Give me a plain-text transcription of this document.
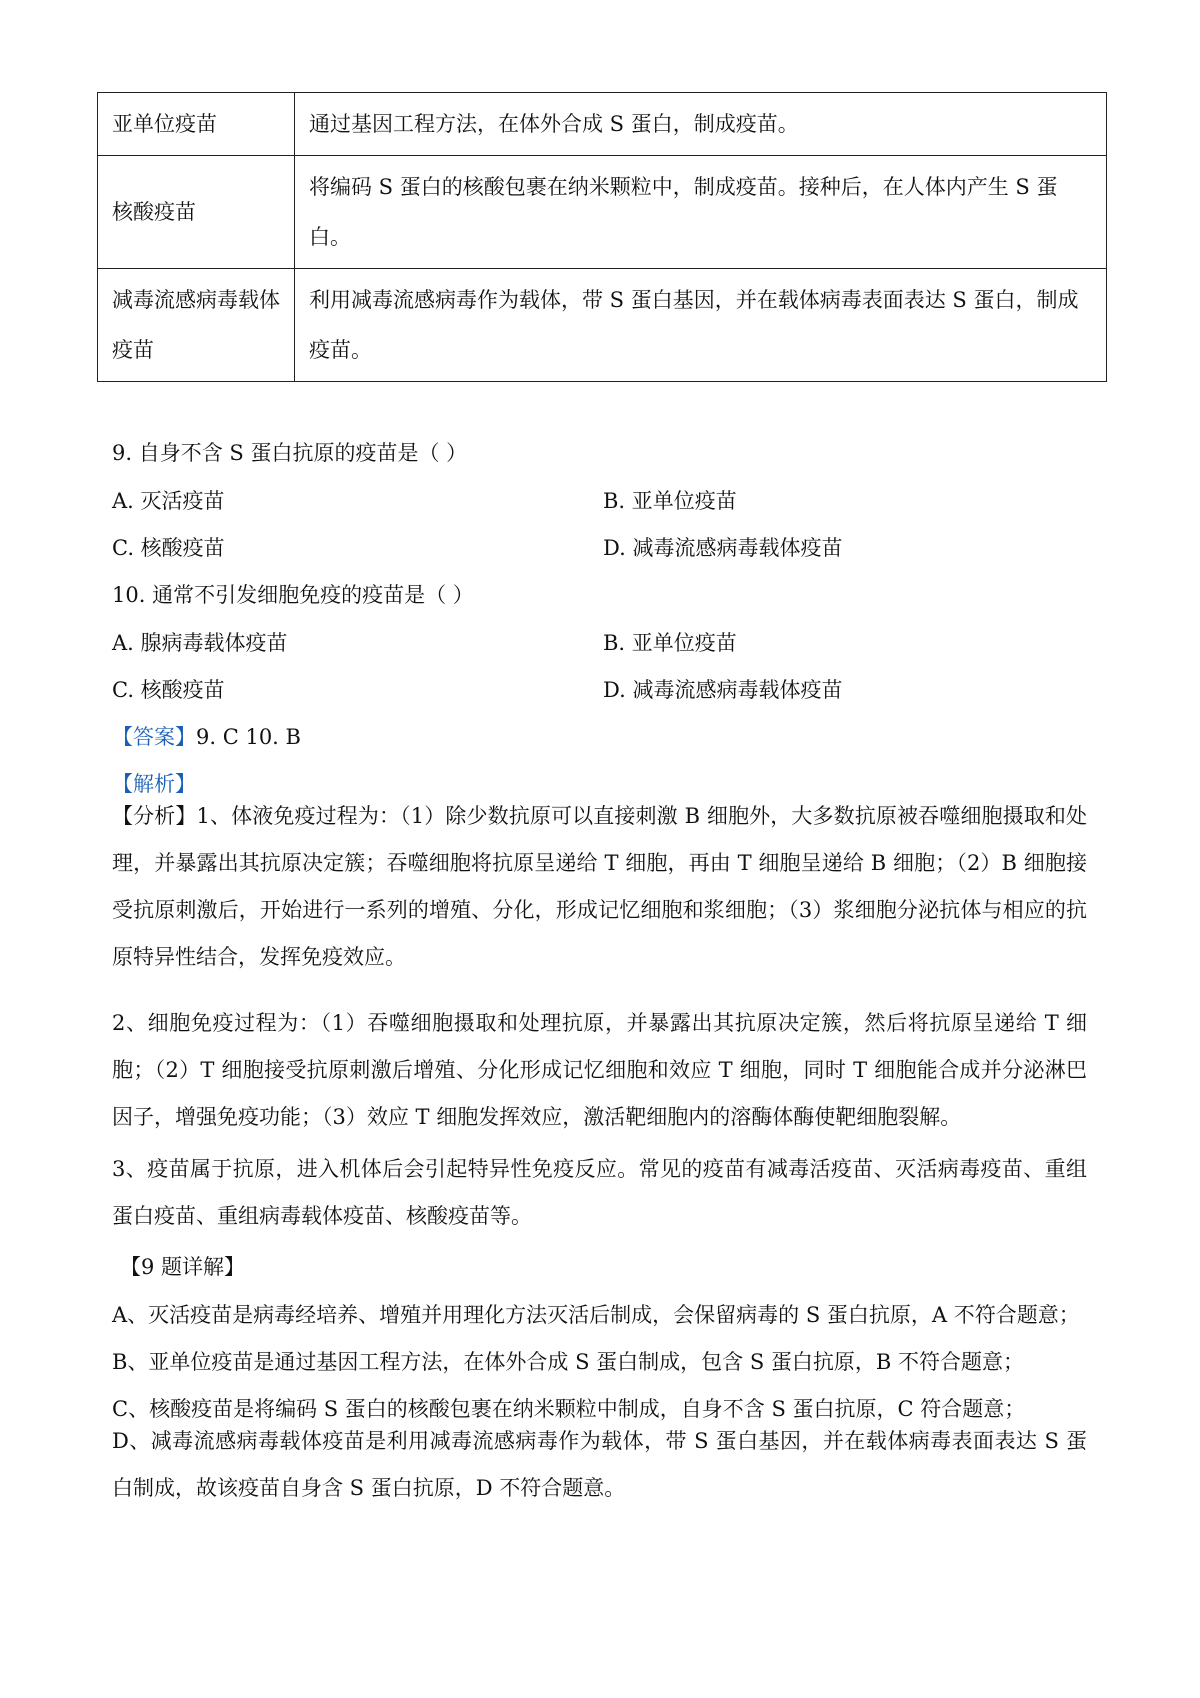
亚单位疫苗	通过基因工程方法，在体外合成 S 蛋白，制成疫苗。
核酸疫苗	将编码 S 蛋白的核酸包裹在纳米颗粒中，制成疫苗。接种后，在人体内产生 S 蛋白。
减毒流感病毒载体疫苗	利用减毒流感病毒作为载体，带 S 蛋白基因，并在载体病毒表面表达 S 蛋白，制成疫苗。
9. 自身不含 S 蛋白抗原的疫苗是（ ）
A. 灭活疫苗	B. 亚单位疫苗
C. 核酸疫苗	D. 减毒流感病毒载体疫苗
10. 通常不引发细胞免疫的疫苗是（ ）
A. 腺病毒载体疫苗	B. 亚单位疫苗
C. 核酸疫苗	D. 减毒流感病毒载体疫苗
【答案】9. C 10. B
【解析】
【分析】1、体液免疫过程为：（1）除少数抗原可以直接刺激 B 细胞外，大多数抗原被吞噬细胞摄取和处理，并暴露出其抗原决定簇；吞噬细胞将抗原呈递给 T 细胞，再由 T 细胞呈递给 B 细胞；（2）B 细胞接受抗原刺激后，开始进行一系列的增殖、分化，形成记忆细胞和浆细胞；（3）浆细胞分泌抗体与相应的抗原特异性结合，发挥免疫效应。
2、细胞免疫过程为：（1）吞噬细胞摄取和处理抗原，并暴露出其抗原决定簇，然后将抗原呈递给 T 细胞；（2）T 细胞接受抗原刺激后增殖、分化形成记忆细胞和效应 T 细胞，同时 T 细胞能合成并分泌淋巴因子，增强免疫功能；（3）效应 T 细胞发挥效应，激活靶细胞内的溶酶体酶使靶细胞裂解。
3、疫苗属于抗原，进入机体后会引起特异性免疫反应。常见的疫苗有减毒活疫苗、灭活病毒疫苗、重组蛋白疫苗、重组病毒载体疫苗、核酸疫苗等。
【9 题详解】
A、灭活疫苗是病毒经培养、增殖并用理化方法灭活后制成，会保留病毒的 S 蛋白抗原，A 不符合题意；
B、亚单位疫苗是通过基因工程方法，在体外合成 S 蛋白制成，包含 S 蛋白抗原，B 不符合题意；
C、核酸疫苗是将编码 S 蛋白的核酸包裹在纳米颗粒中制成，自身不含 S 蛋白抗原，C 符合题意；
D、减毒流感病毒载体疫苗是利用减毒流感病毒作为载体，带 S 蛋白基因，并在载体病毒表面表达 S 蛋白制成，故该疫苗自身含 S 蛋白抗原，D 不符合题意。
